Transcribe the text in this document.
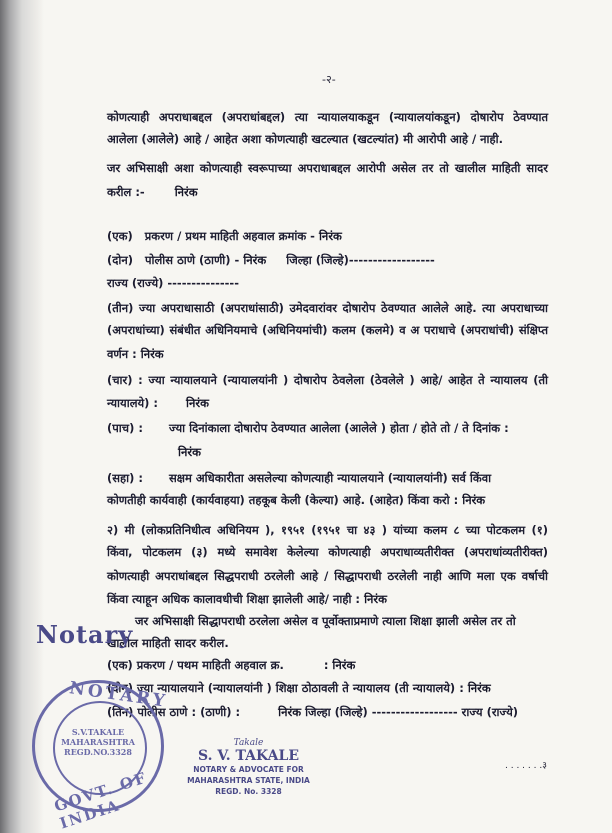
-२-
कोणत्याही अपराधाबद्दल (अपराधांबद्दल) त्या न्यायालयाकडून (न्यायालयांकडून) दोषारोप ठेवण्यात
आलेला (आलेले) आहे / आहेत अशा कोणत्याही खटल्यात (खटल्यांत) मी आरोपी आहे / नाही.
जर अभिसाक्षी अशा कोणत्याही स्वरूपाच्या अपराधाबद्दल आरोपी असेल तर तो खालील माहिती सादर
करील :-	निरंक
(एक) प्रकरण / प्रथम माहिती अहवाल क्रमांक - निरंक
(दोन) पोलीस ठाणे (ठाणी) - निरंक जिल्हा (जिल्हे)------------------
राज्य (राज्ये) ---------------
(तीन) ज्या अपराधासाठी (अपराधांसाठी) उमेदवारांवर दोषारोप ठेवण्यात आलेले आहे. त्या अपराधाच्या
(अपराधांच्या) संबंधीत अधिनियमाचे (अधिनियमांची) कलम (कलमे) व अ पराधाचे (अपराधांची) संक्षिप्त
वर्णन : निरंक
(चार) : ज्या न्यायालयाने (न्यायालयांनी ) दोषारोप ठेवलेला (ठेवलेले ) आहे/ आहेत ते न्यायालय (ती
न्यायालये) : निरंक
(पाच) : ज्या दिनांकाला दोषारोप ठेवण्यात आलेला (आलेले ) होता / होते तो / ते दिनांक :
निरंक
(सहा) : सक्षम अधिकारीता असलेल्या कोणत्याही न्यायालयाने (न्यायालयांनी) सर्व किंवा
कोणतीही कार्यवाही (कार्यवाहया) तहकूब केली (केल्या) आहे. (आहेत) किंवा करो : निरंक
२) मी (लोकप्रतिनिधीत्व अधिनियम ), १९५१ (१९५१ चा ४३ ) यांच्या कलम ८ च्या पोटकलम (१)
किंवा, पोटकलम (३) मध्ये समावेश केलेल्या कोणत्याही अपराधाव्यतीरीक्त (अपराधांव्यतीरीक्त)
कोणत्याही अपराधांबद्दल सिद्धपराधी ठरलेली आहे / सिद्धापराधी ठरलेली नाही आणि मला एक वर्षाची
किंवा त्याहून अधिक कालावधीची शिक्षा झालेली आहे/ नाही : निरंक
जर अभिसाक्षी सिद्धापराधी ठरलेला असेल व पूर्वोक्ताप्रमाणे त्याला शिक्षा झाली असेल तर तो
खालील माहिती सादर करील.
(एक) प्रकरण / पथम माहिती अहवाल क्र.	: निरंक
(दोन) ज्या न्यायालयाने (न्यायालयांनी ) शिक्षा ठोठावली ते न्यायालय (ती न्यायालये) : निरंक
(तिन) पोलीस ठाणे : (ठाणी) :	निरंक जिल्हा (जिल्हे) ------------------ राज्य (राज्ये)
. . . . . . .३
Notary
NOTARY
S.V.TAKALE
MAHARASHTRA
REGD.NO.3328
GOVT. OF INDIA
Takale
S. V. TAKALE
NOTARY & ADVOCATE FOR
MAHARASHTRA STATE, INDIA
REGD. No. 3328
